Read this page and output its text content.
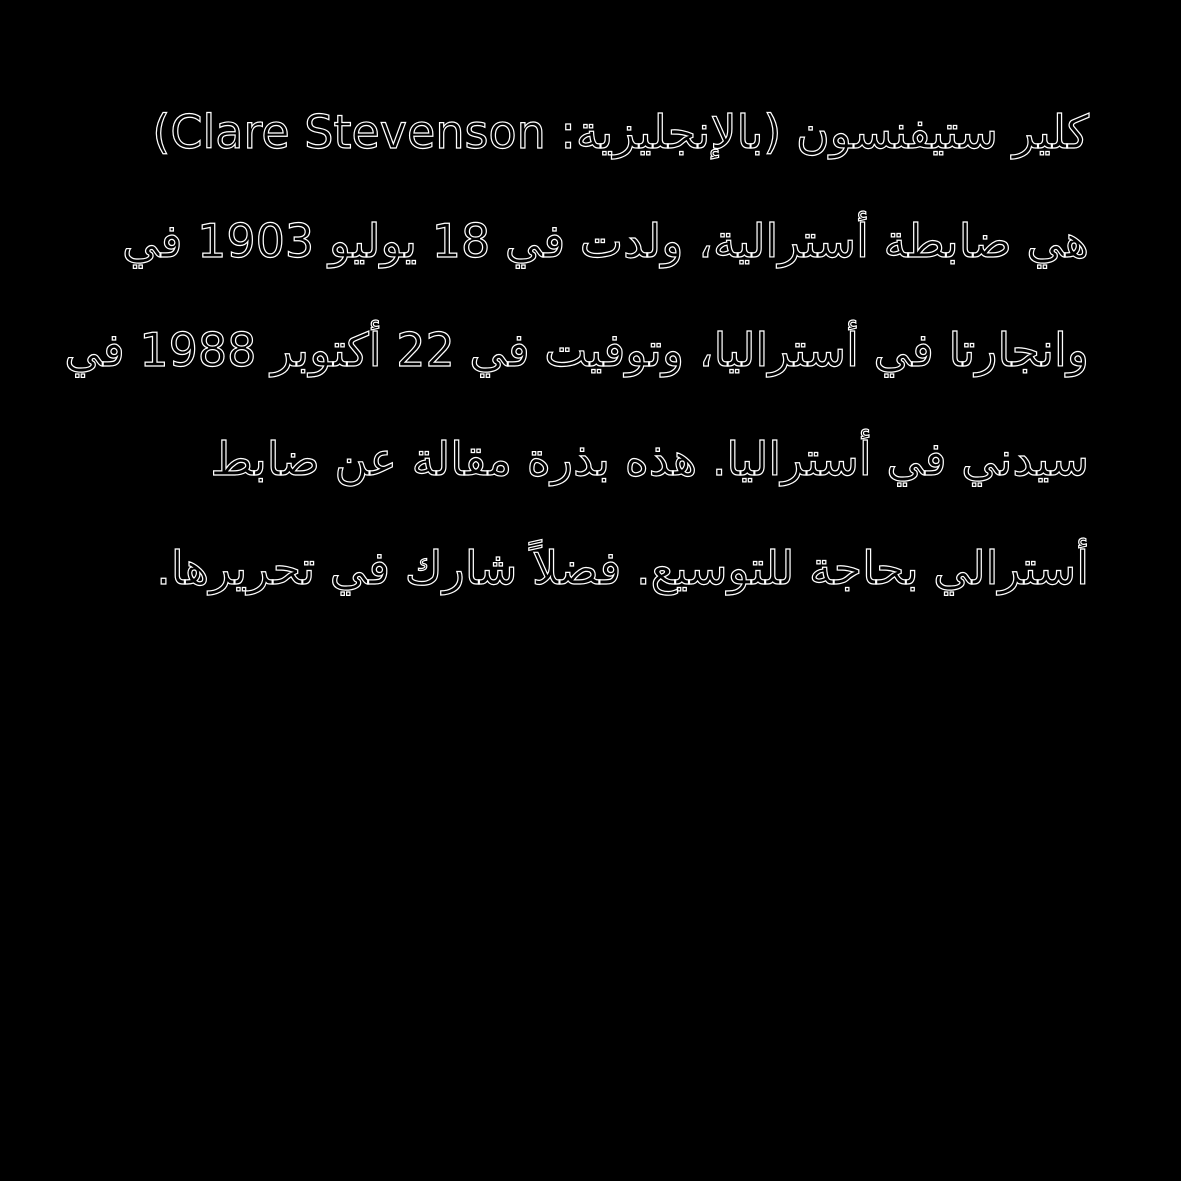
كلير ستيفنسون (بالإنجليزية: Clare Stevenson)
هي ضابطة أسترالية، ولدت في 18 يوليو 1903 في
وانجارتا في أستراليا، وتوفيت في 22 أكتوبر 1988 في
سيدني في أستراليا. هذه بذرة مقالة عن ضابط
أسترالي بحاجة للتوسيع. فضلاً شارك في تحريرها.
